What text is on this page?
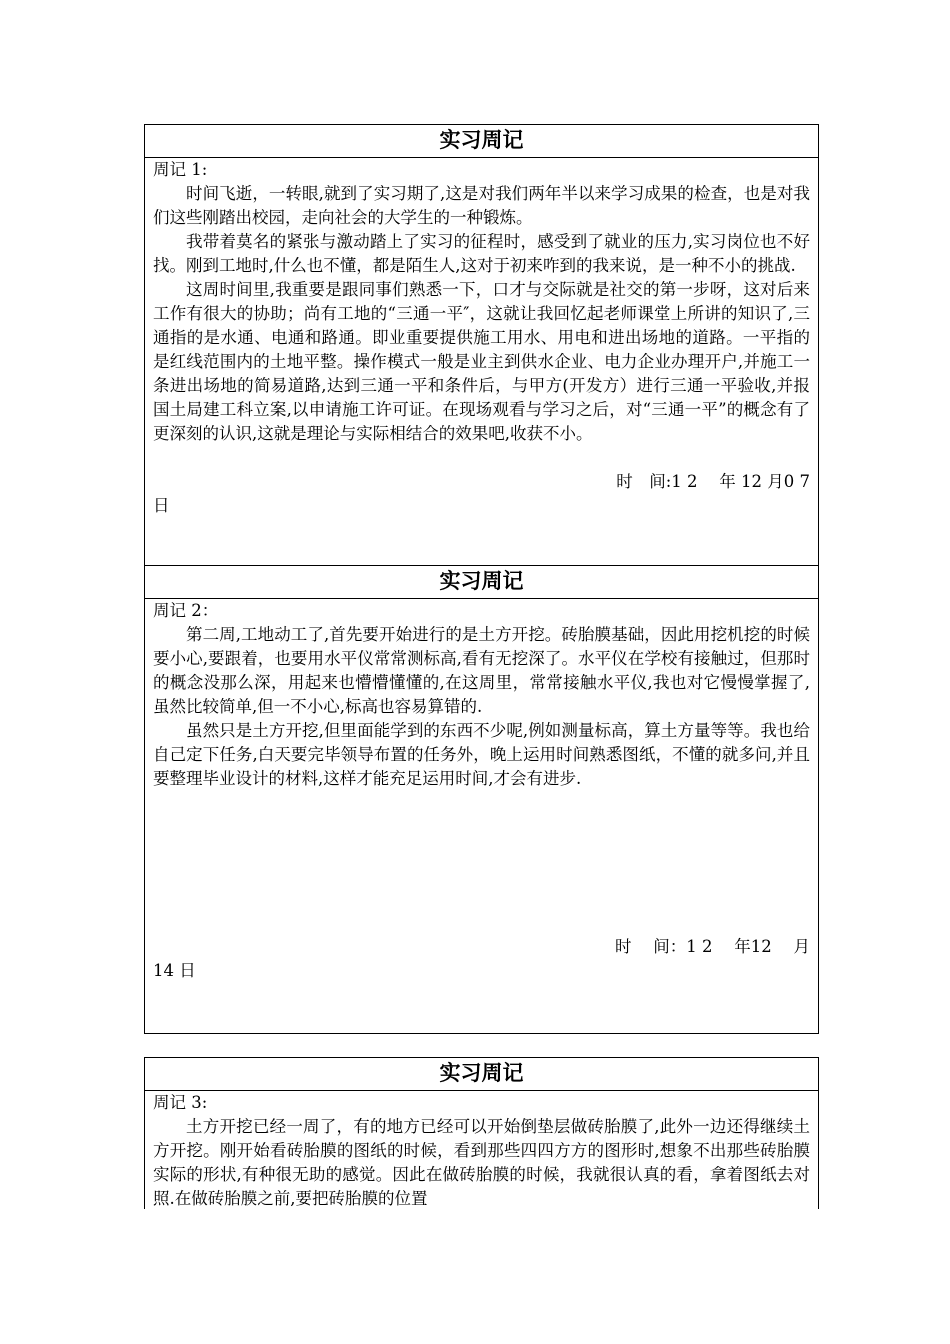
实习周记

周记 1:

时间飞逝，一转眼,就到了实习期了,这是对我们两年半以来学习成果的检查，也是对我们这些刚踏出校园，走向社会的大学生的一种锻炼。

我带着莫名的紧张与激动踏上了实习的征程时，感受到了就业的压力,实习岗位也不好找。刚到工地时,什么也不懂，都是陌生人,这对于初来咋到的我来说，是一种不小的挑战.

这周时间里,我重要是跟同事们熟悉一下，口才与交际就是社交的第一步呀，这对后来工作有很大的协助；尚有工地的“三通一平″，这就让我回忆起老师课堂上所讲的知识了,三通指的是水通、电通和路通。即业重要提供施工用水、用电和进出场地的道路。一平指的是红线范围内的土地平整。操作模式一般是业主到供水企业、电力企业办理开户,并施工一条进出场地的简易道路,达到三通一平和条件后，与甲方(开发方）进行三通一平验收,并报国土局建工科立案,以申请施工许可证。在现场观看与学习之后，对“三通一平”的概念有了更深刻的认识,这就是理论与实际相结合的效果吧,收获不小。

时　间:1 2　 年 12 月0 7

日

实习周记

周记 2：

第二周,工地动工了,首先要开始进行的是土方开挖。砖胎膜基础，因此用挖机挖的时候要小心,要跟着，也要用水平仪常常测标高,看有无挖深了。水平仪在学校有接触过，但那时的概念没那么深，用起来也懵懵懂懂的,在这周里，常常接触水平仪,我也对它慢慢掌握了,虽然比较简单,但一不小心,标高也容易算错的.

虽然只是土方开挖,但里面能学到的东西不少呢,例如测量标高，算土方量等等。我也给自己定下任务,白天要完毕领导布置的任务外，晚上运用时间熟悉图纸，不懂的就多问,并且要整理毕业设计的材料,这样才能充足运用时间,才会有进步.

时　 间：1 2　 年12　 月

14 日

实习周记

周记 3:

土方开挖已经一周了，有的地方已经可以开始倒垫层做砖胎膜了,此外一边还得继续土方开挖。刚开始看砖胎膜的图纸的时候，看到那些四四方方的图形时,想象不出那些砖胎膜实际的形状,有种很无助的感觉。因此在做砖胎膜的时候，我就很认真的看，拿着图纸去对照.在做砖胎膜之前,要把砖胎膜的位置
